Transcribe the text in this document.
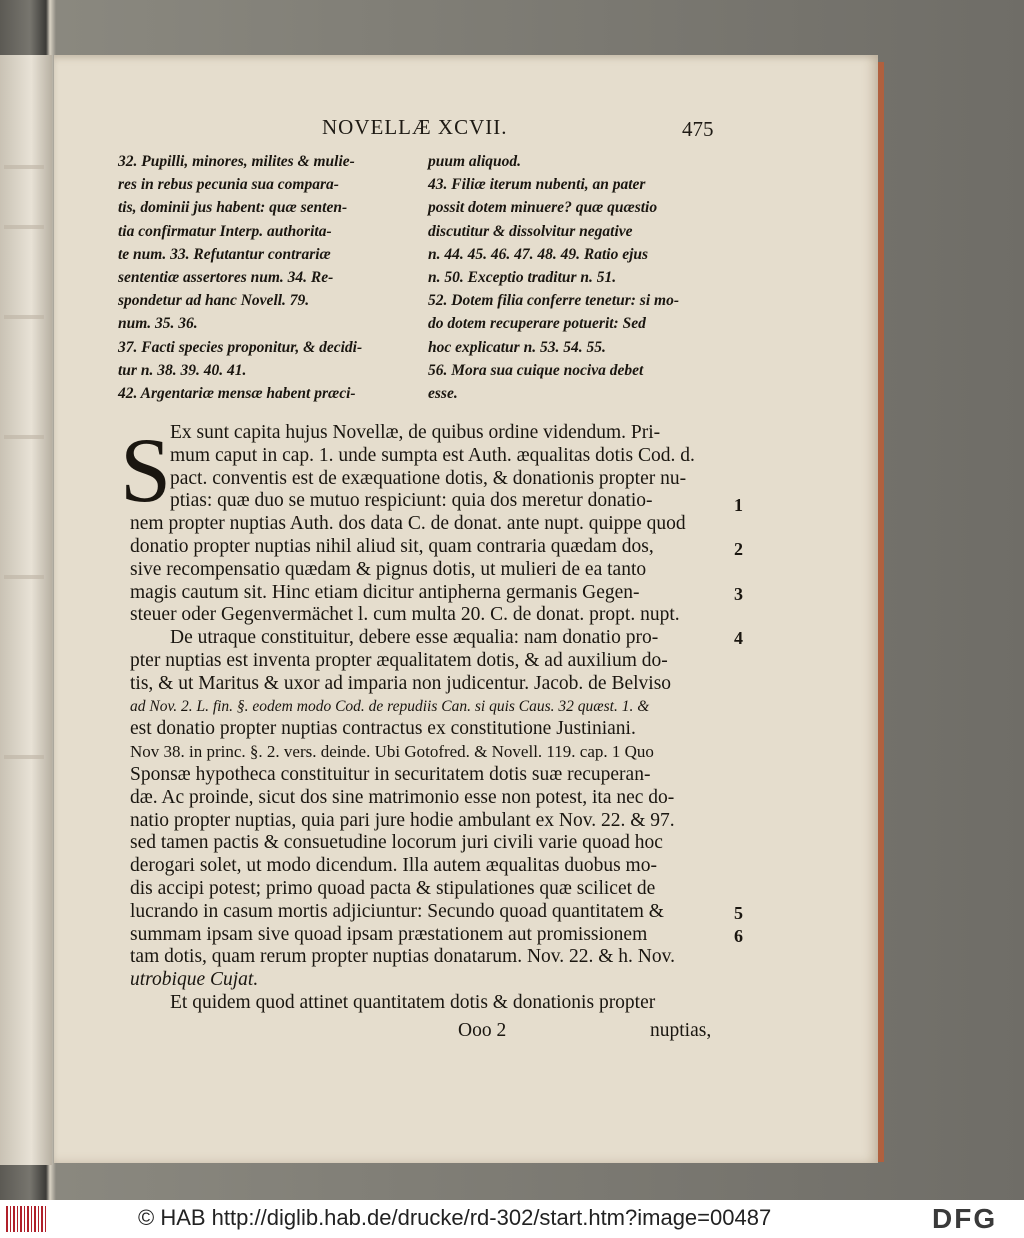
NOVELLÆ XCVII.	475
32. Pupilli, minores, milites & mulie-
res in rebus pecunia sua compara-
tis, dominii jus habent: quæ senten-
tia confirmatur Interp. authorita-
te num. 33. Refutantur contrariæ
sententiæ assertores num. 34. Re-
spondetur ad hanc Novell. 79.
num. 35. 36.
37. Facti species proponitur, & decidi-
tur n. 38. 39. 40. 41.
42. Argentariæ mensæ habent præci-
puum aliquod.
43. Filiæ iterum nubenti, an pater
possit dotem minuere? quæ quæstio
discutitur & dissolvitur negative
n. 44. 45. 46. 47. 48. 49. Ratio ejus
n. 50. Exceptio traditur n. 51.
52. Dotem filia conferre tenetur: si mo-
do dotem recuperare potuerit: Sed
hoc explicatur n. 53. 54. 55.
56. Mora sua cuique nociva debet
esse.
S
Ex sunt capita hujus Novellæ, de quibus ordine videndum. Pri-
mum caput in cap. 1. unde sumpta est Auth. æqualitas dotis Cod. d.
pact. conventis est de exæquatione dotis, & donationis propter nu-
ptias: quæ duo se mutuo respiciunt: quia dos meretur donatio-
nem propter nuptias Auth. dos data C. de donat. ante nupt. quippe quod
donatio propter nuptias nihil aliud sit, quam contraria quædam dos,
sive recompensatio quædam & pignus dotis, ut mulieri de ea tanto
magis cautum sit. Hinc etiam dicitur antipherna germanis Gegen-
steuer oder Gegenvermächet l. cum multa 20. C. de donat. propt. nupt.
De utraque constituitur, debere esse æqualia: nam donatio pro-
pter nuptias est inventa propter æqualitatem dotis, & ad auxilium do-
tis, & ut Maritus & uxor ad imparia non judicentur. Jacob. de Belviso
ad Nov. 2. L. fin. §. eodem modo Cod. de repudiis Can. si quis Caus. 32 quæst. 1. &
est donatio propter nuptias contractus ex constitutione Justiniani.
Nov 38. in princ. §. 2. vers. deinde. Ubi Gotofred. & Novell. 119. cap. 1 Quo
Sponsæ hypotheca constituitur in securitatem dotis suæ recuperan-
dæ. Ac proinde, sicut dos sine matrimonio esse non potest, ita nec do-
natio propter nuptias, quia pari jure hodie ambulant ex Nov. 22. & 97.
sed tamen pactis & consuetudine locorum juri civili varie quoad hoc
derogari solet, ut modo dicendum. Illa autem æqualitas duobus mo-
dis accipi potest; primo quoad pacta & stipulationes quæ scilicet de
lucrando in casum mortis adjiciuntur: Secundo quoad quantitatem &
summam ipsam sive quoad ipsam præstationem aut promissionem
tam dotis, quam rerum propter nuptias donatarum. Nov. 22. & h. Nov.
utrobique Cujat.
Et quidem quod attinet quantitatem dotis & donationis propter
1
2
3
4
5
6
Ooo 2	nuptias,
© HAB http://diglib.hab.de/drucke/rd-302/start.htm?image=00487	DFG
